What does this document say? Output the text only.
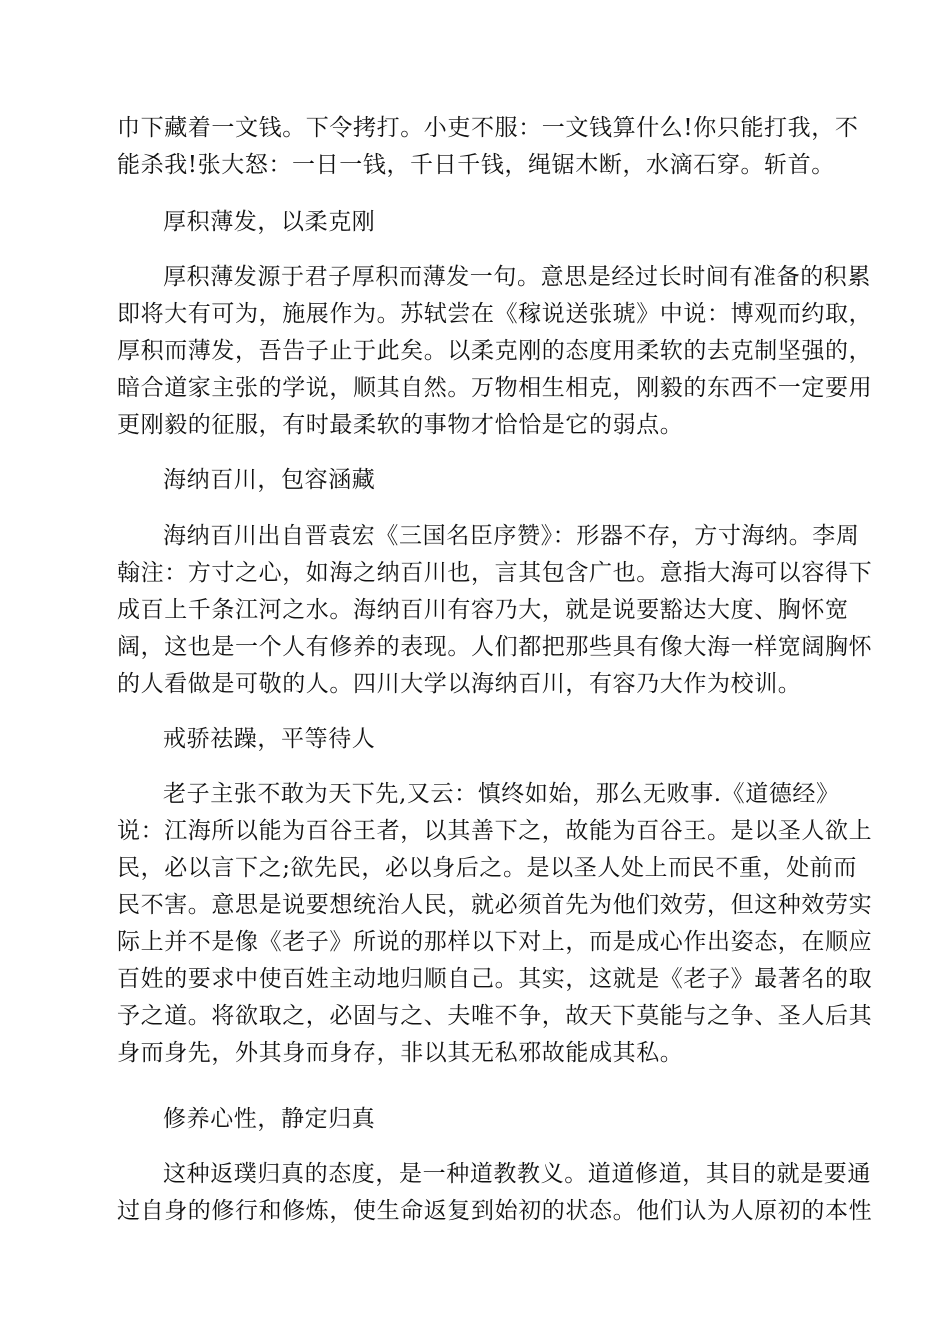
巾下藏着一文钱。下令拷打。小吏不服：一文钱算什么!你只能打我，不
能杀我!张大怒：一日一钱，千日千钱，绳锯木断，水滴石穿。斩首。
厚积薄发，以柔克刚
厚积薄发源于君子厚积而薄发一句。意思是经过长时间有准备的积累
即将大有可为，施展作为。苏轼尝在《稼说送张琥》中说：博观而约取，
厚积而薄发，吾告子止于此矣。以柔克刚的态度用柔软的去克制坚强的，
暗合道家主张的学说，顺其自然。万物相生相克，刚毅的东西不一定要用
更刚毅的征服，有时最柔软的事物才恰恰是它的弱点。
海纳百川，包容涵藏
海纳百川出自晋袁宏《三国名臣序赞》：形器不存，方寸海纳。李周
翰注：方寸之心，如海之纳百川也，言其包含广也。意指大海可以容得下
成百上千条江河之水。海纳百川有容乃大，就是说要豁达大度、胸怀宽
阔，这也是一个人有修养的表现。人们都把那些具有像大海一样宽阔胸怀
的人看做是可敬的人。四川大学以海纳百川，有容乃大作为校训。
戒骄祛躁，平等待人
老子主张不敢为天下先,又云：慎终如始，那么无败事.《道德经》
说：江海所以能为百谷王者，以其善下之，故能为百谷王。是以圣人欲上
民，必以言下之;欲先民，必以身后之。是以圣人处上而民不重，处前而
民不害。意思是说要想统治人民，就必须首先为他们效劳，但这种效劳实
际上并不是像《老子》所说的那样以下对上，而是成心作出姿态，在顺应
百姓的要求中使百姓主动地归顺自己。其实，这就是《老子》最著名的取
予之道。将欲取之，必固与之、夫唯不争，故天下莫能与之争、圣人后其
身而身先，外其身而身存，非以其无私邪故能成其私。
修养心性，静定归真
这种返璞归真的态度，是一种道教教义。道道修道，其目的就是要通
过自身的修行和修炼，使生命返复到始初的状态。他们认为人原初的本性
